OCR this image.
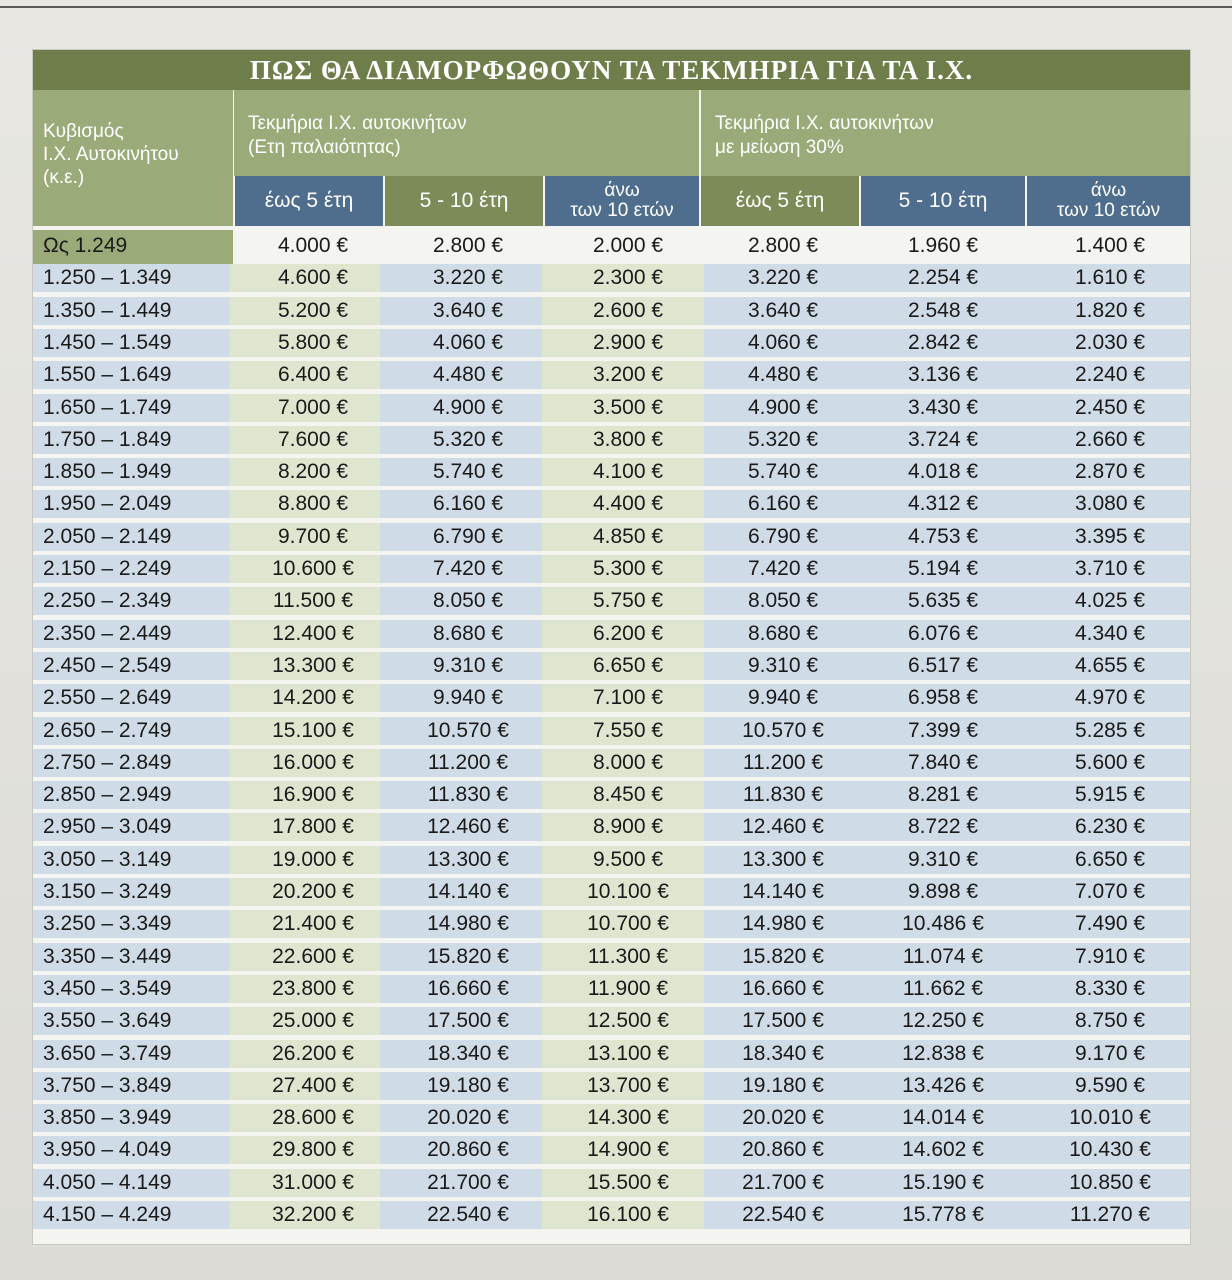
ΠΩΣ ΘΑ ΔΙΑΜΟΡΦΩΘΟΥΝ ΤΑ ΤΕΚΜΗΡΙΑ ΓΙΑ ΤΑ Ι.Χ.
Κυβισμός
Ι.Χ. Αυτοκινήτου
(κ.ε.)
Τεκμήρια Ι.Χ. αυτοκινήτων
(Ετη παλαιότητας)
Τεκμήρια Ι.Χ. αυτοκινήτων
με μείωση 30%
έως 5 έτη	5 - 10 έτη	άνω
των 10 ετών	έως 5 έτη	5 - 10 έτη	άνω
των 10 ετών
Ως 1.249	4.000 €	2.800 €	2.000 €	2.800 €	1.960 €	1.400 €
1.250 – 1.349	4.600 €	3.220 €	2.300 €	3.220 €	2.254 €	1.610 €
1.350 – 1.449	5.200 €	3.640 €	2.600 €	3.640 €	2.548 €	1.820 €
1.450 – 1.549	5.800 €	4.060 €	2.900 €	4.060 €	2.842 €	2.030 €
1.550 – 1.649	6.400 €	4.480 €	3.200 €	4.480 €	3.136 €	2.240 €
1.650 – 1.749	7.000 €	4.900 €	3.500 €	4.900 €	3.430 €	2.450 €
1.750 – 1.849	7.600 €	5.320 €	3.800 €	5.320 €	3.724 €	2.660 €
1.850 – 1.949	8.200 €	5.740 €	4.100 €	5.740 €	4.018 €	2.870 €
1.950 – 2.049	8.800 €	6.160 €	4.400 €	6.160 €	4.312 €	3.080 €
2.050 – 2.149	9.700 €	6.790 €	4.850 €	6.790 €	4.753 €	3.395 €
2.150 – 2.249	10.600 €	7.420 €	5.300 €	7.420 €	5.194 €	3.710 €
2.250 – 2.349	11.500 €	8.050 €	5.750 €	8.050 €	5.635 €	4.025 €
2.350 – 2.449	12.400 €	8.680 €	6.200 €	8.680 €	6.076 €	4.340 €
2.450 – 2.549	13.300 €	9.310 €	6.650 €	9.310 €	6.517 €	4.655 €
2.550 – 2.649	14.200 €	9.940 €	7.100 €	9.940 €	6.958 €	4.970 €
2.650 – 2.749	15.100 €	10.570 €	7.550 €	10.570 €	7.399 €	5.285 €
2.750 – 2.849	16.000 €	11.200 €	8.000 €	11.200 €	7.840 €	5.600 €
2.850 – 2.949	16.900 €	11.830 €	8.450 €	11.830 €	8.281 €	5.915 €
2.950 – 3.049	17.800 €	12.460 €	8.900 €	12.460 €	8.722 €	6.230 €
3.050 – 3.149	19.000 €	13.300 €	9.500 €	13.300 €	9.310 €	6.650 €
3.150 – 3.249	20.200 €	14.140 €	10.100 €	14.140 €	9.898 €	7.070 €
3.250 – 3.349	21.400 €	14.980 €	10.700 €	14.980 €	10.486 €	7.490 €
3.350 – 3.449	22.600 €	15.820 €	11.300 €	15.820 €	11.074 €	7.910 €
3.450 – 3.549	23.800 €	16.660 €	11.900 €	16.660 €	11.662 €	8.330 €
3.550 – 3.649	25.000 €	17.500 €	12.500 €	17.500 €	12.250 €	8.750 €
3.650 – 3.749	26.200 €	18.340 €	13.100 €	18.340 €	12.838 €	9.170 €
3.750 – 3.849	27.400 €	19.180 €	13.700 €	19.180 €	13.426 €	9.590 €
3.850 – 3.949	28.600 €	20.020 €	14.300 €	20.020 €	14.014 €	10.010 €
3.950 – 4.049	29.800 €	20.860 €	14.900 €	20.860 €	14.602 €	10.430 €
4.050 – 4.149	31.000 €	21.700 €	15.500 €	21.700 €	15.190 €	10.850 €
4.150 – 4.249	32.200 €	22.540 €	16.100 €	22.540 €	15.778 €	11.270 €
